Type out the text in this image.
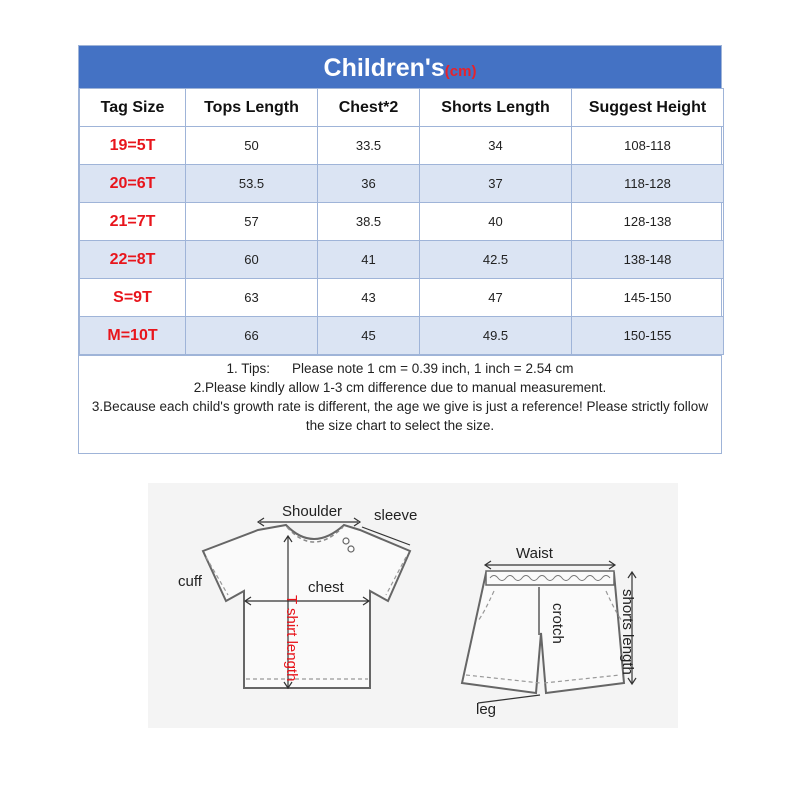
Children's(cm)
Tag Size	Tops Length	Chest*2	Shorts Length	Suggest Height
19=5T	50	33.5	34	108-118
20=6T	53.5	36	37	118-128
21=7T	57	38.5	40	128-138
22=8T	60	41	42.5	138-148
S=9T	63	43	47	145-150
M=10T	66	45	49.5	150-155
1. Tips: Please note 1 cm = 0.39 inch, 1 inch = 2.54 cm
2.Please kindly allow 1-3 cm difference due to manual measurement.
3.Because each child's growth rate is different, the age we give is just a reference! Please strictly follow the size chart to select the size.
Shoulder sleeve
cuff	chest
T shirt length
Waist
crotch	shorts length
leg
